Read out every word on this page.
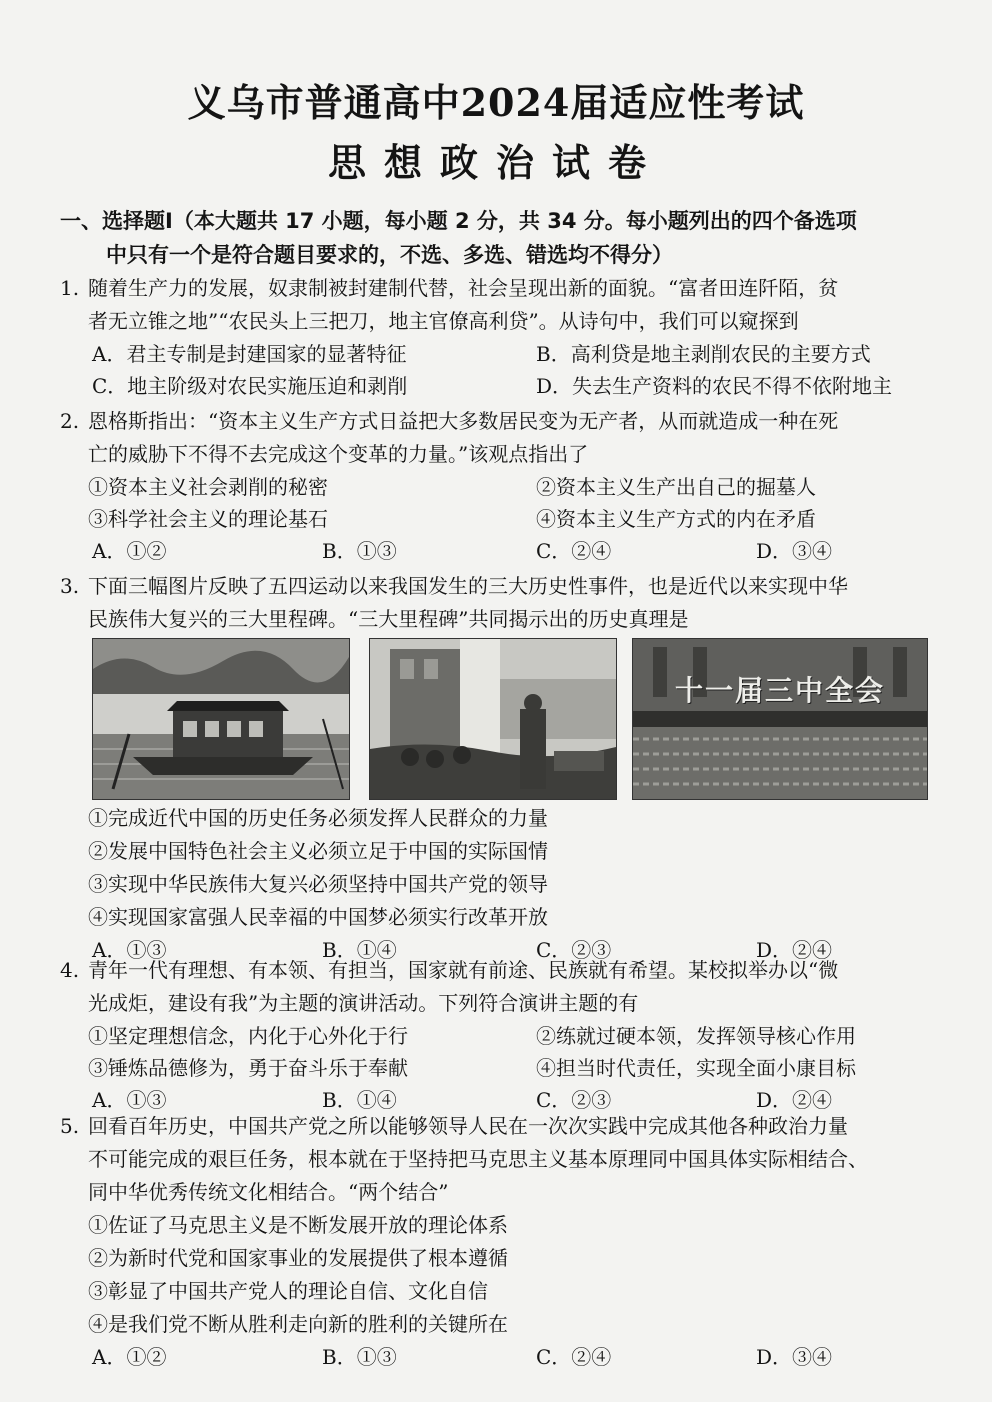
义乌市普通高中2024届适应性考试
思想政治试卷
一、选择题Ⅰ（本大题共 17 小题，每小题 2 分，共 34 分。每小题列出的四个备选项
中只有一个是符合题目要求的，不选、多选、错选均不得分）
1. 随着生产力的发展，奴隶制被封建制代替，社会呈现出新的面貌。“富者田连阡陌，贫
者无立锥之地”“农民头上三把刀，地主官僚高利贷”。从诗句中，我们可以窥探到
A．君主专制是封建国家的显著特征	B．高利贷是地主剥削农民的主要方式
C．地主阶级对农民实施压迫和剥削	D．失去生产资料的农民不得不依附地主
2. 恩格斯指出：“资本主义生产方式日益把大多数居民变为无产者，从而就造成一种在死
亡的威胁下不得不去完成这个变革的力量。”该观点指出了
①资本主义社会剥削的秘密	②资本主义生产出自己的掘墓人
③科学社会主义的理论基石	④资本主义生产方式的内在矛盾
A．①②	B．①③	C．②④	D．③④
3. 下面三幅图片反映了五四运动以来我国发生的三大历史性事件，也是近代以来实现中华
民族伟大复兴的三大里程碑。“三大里程碑”共同揭示出的历史真理是
十一届三中全会
①完成近代中国的历史任务必须发挥人民群众的力量
②发展中国特色社会主义必须立足于中国的实际国情
③实现中华民族伟大复兴必须坚持中国共产党的领导
④实现国家富强人民幸福的中国梦必须实行改革开放
A．①③	B．①④	C．②③	D．②④
4. 青年一代有理想、有本领、有担当，国家就有前途、民族就有希望。某校拟举办以“微
光成炬，建设有我”为主题的演讲活动。下列符合演讲主题的有
①坚定理想信念，内化于心外化于行	②练就过硬本领，发挥领导核心作用
③锤炼品德修为，勇于奋斗乐于奉献	④担当时代责任，实现全面小康目标
A．①③	B．①④	C．②③	D．②④
5. 回看百年历史，中国共产党之所以能够领导人民在一次次实践中完成其他各种政治力量
不可能完成的艰巨任务，根本就在于坚持把马克思主义基本原理同中国具体实际相结合、
同中华优秀传统文化相结合。“两个结合”
①佐证了马克思主义是不断发展开放的理论体系
②为新时代党和国家事业的发展提供了根本遵循
③彰显了中国共产党人的理论自信、文化自信
④是我们党不断从胜利走向新的胜利的关键所在
A．①②	B．①③	C．②④	D．③④
